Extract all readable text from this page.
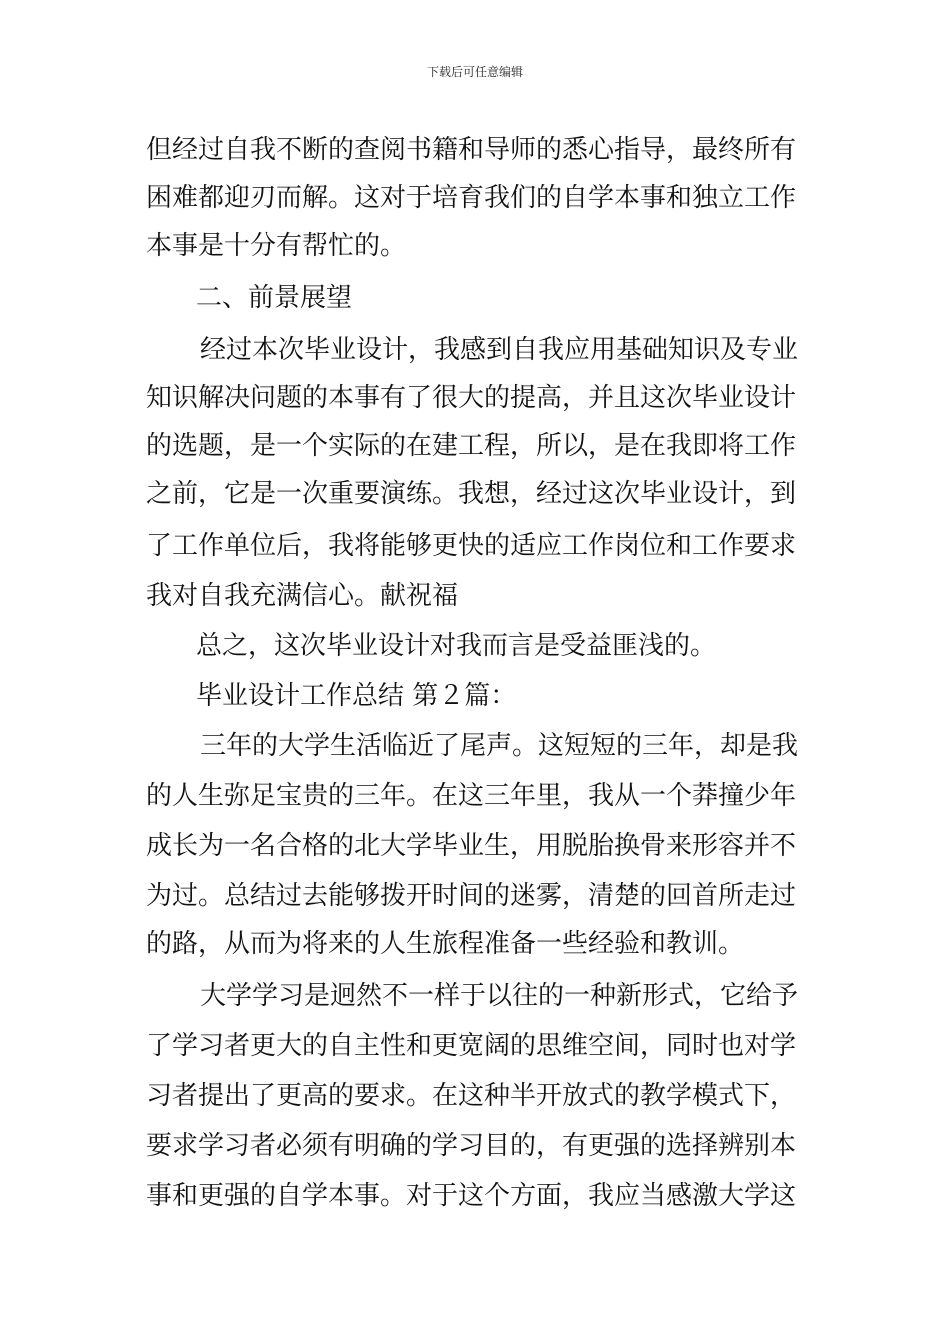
下载后可任意编辑
但经过自我不断的查阅书籍和导师的悉心指导，最终所有
困难都迎刃而解。这对于培育我们的自学本事和独立工作
本事是十分有帮忙的。
二、前景展望
经过本次毕业设计，我感到自我应用基础知识及专业
知识解决问题的本事有了很大的提高，并且这次毕业设计
的选题，是一个实际的在建工程，所以，是在我即将工作
之前，它是一次重要演练。我想，经过这次毕业设计，到
了工作单位后，我将能够更快的适应工作岗位和工作要求
我对自我充满信心。献祝福
总之，这次毕业设计对我而言是受益匪浅的。
毕业设计工作总结 第２篇：
三年的大学生活临近了尾声。这短短的三年，却是我
的人生弥足宝贵的三年。在这三年里，我从一个莽撞少年
成长为一名合格的北大学毕业生，用脱胎换骨来形容并不
为过。总结过去能够拨开时间的迷雾，清楚的回首所走过
的路，从而为将来的人生旅程准备一些经验和教训。
大学学习是迥然不一样于以往的一种新形式，它给予
了学习者更大的自主性和更宽阔的思维空间，同时也对学
习者提出了更高的要求。在这种半开放式的教学模式下，
要求学习者必须有明确的学习目的，有更强的选择辨别本
事和更强的自学本事。对于这个方面，我应当感激大学这
